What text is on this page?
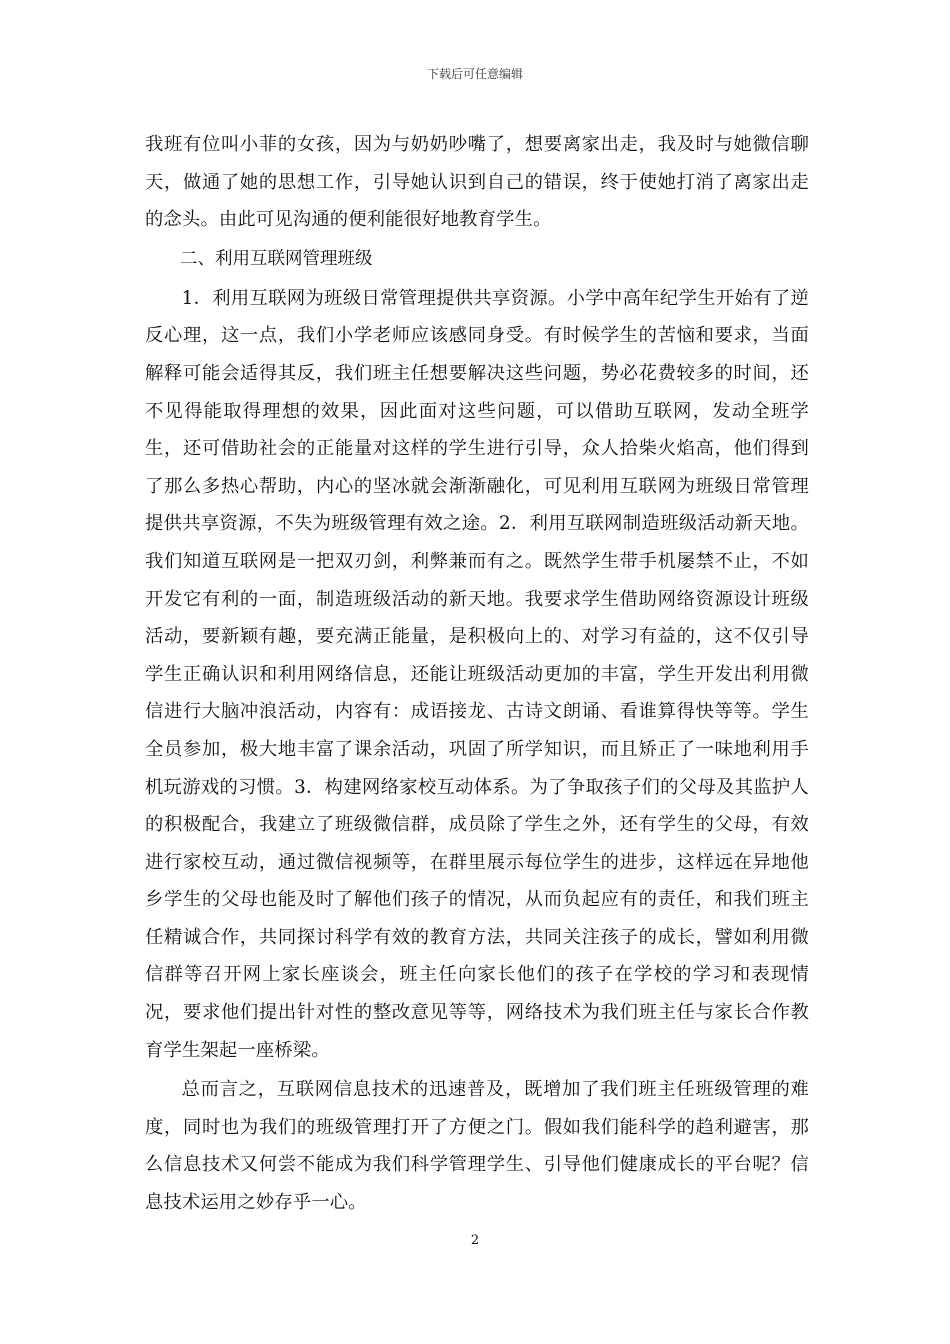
下载后可任意编辑

我班有位叫小菲的女孩，因为与奶奶吵嘴了，想要离家出走，我及时与她微信聊天，做通了她的思想工作，引导她认识到自己的错误，终于使她打消了离家出走的念头。由此可见沟通的便利能很好地教育学生。

二、利用互联网管理班级

1．利用互联网为班级日常管理提供共享资源。小学中高年纪学生开始有了逆反心理，这一点，我们小学老师应该感同身受。有时候学生的苦恼和要求，当面解释可能会适得其反，我们班主任想要解决这些问题，势必花费较多的时间，还不见得能取得理想的效果，因此面对这些问题，可以借助互联网，发动全班学生，还可借助社会的正能量对这样的学生进行引导，众人拾柴火焰高，他们得到了那么多热心帮助，内心的坚冰就会渐渐融化，可见利用互联网为班级日常管理提供共享资源，不失为班级管理有效之途。2．利用互联网制造班级活动新天地。我们知道互联网是一把双刃剑，利弊兼而有之。既然学生带手机屡禁不止，不如开发它有利的一面，制造班级活动的新天地。我要求学生借助网络资源设计班级活动，要新颖有趣，要充满正能量，是积极向上的、对学习有益的，这不仅引导学生正确认识和利用网络信息，还能让班级活动更加的丰富，学生开发出利用微信进行大脑冲浪活动，内容有：成语接龙、古诗文朗诵、看谁算得快等等。学生全员参加，极大地丰富了课余活动，巩固了所学知识，而且矫正了一味地利用手机玩游戏的习惯。3．构建网络家校互动体系。为了争取孩子们的父母及其监护人的积极配合，我建立了班级微信群，成员除了学生之外，还有学生的父母，有效进行家校互动，通过微信视频等，在群里展示每位学生的进步，这样远在异地他乡学生的父母也能及时了解他们孩子的情况，从而负起应有的责任，和我们班主任精诚合作，共同探讨科学有效的教育方法，共同关注孩子的成长，譬如利用微信群等召开网上家长座谈会，班主任向家长他们的孩子在学校的学习和表现情况，要求他们提出针对性的整改意见等等，网络技术为我们班主任与家长合作教育学生架起一座桥梁。

总而言之，互联网信息技术的迅速普及，既增加了我们班主任班级管理的难度，同时也为我们的班级管理打开了方便之门。假如我们能科学的趋利避害，那么信息技术又何尝不能成为我们科学管理学生、引导他们健康成长的平台呢？信息技术运用之妙存乎一心。

2
